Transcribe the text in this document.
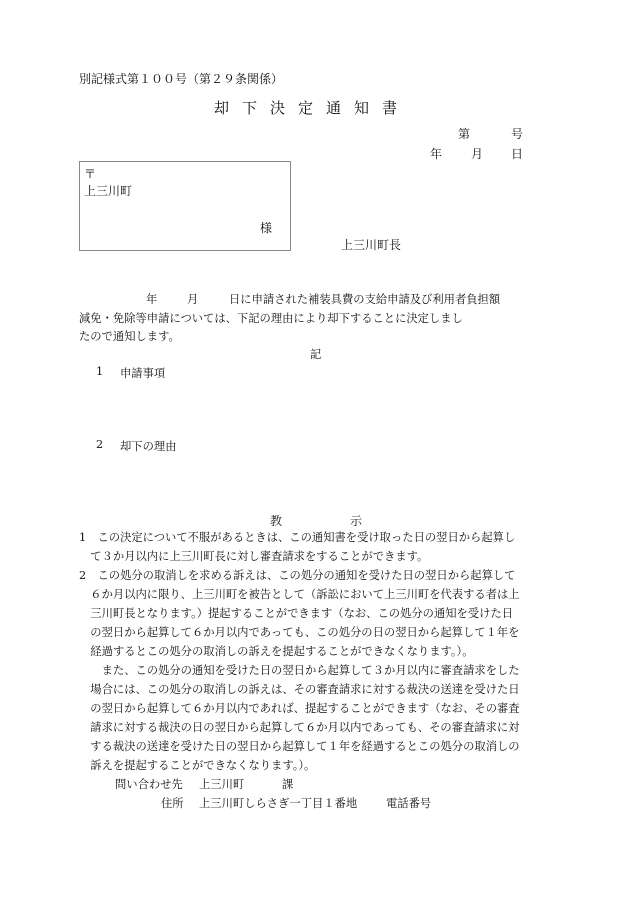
別記様式第１００号（第２９条関係）
却下決定通知書
第	号
年 月 日
〒
上三川町
様
上三川町長
年	月	日に申請された補装具費の支給申請及び利用者負担額
減免・免除等申請については、下記の理由により却下することに決定しまし
たので通知します。
記
1 申請事項
2 却下の理由
教	示
1　この決定について不服があるときは、この通知書を受け取った日の翌日から起算し
　て３か月以内に上三川町長に対し審査請求をすることができます。
2　この処分の取消しを求める訴えは、この処分の通知を受けた日の翌日から起算して
　６か月以内に限り、上三川町を被告として（訴訟において上三川町を代表する者は上
　三川町長となります。）提起することができます（なお、この処分の通知を受けた日
　の翌日から起算して６か月以内であっても、この処分の日の翌日から起算して１年を
　経過するとこの処分の取消しの訴えを提起することができなくなります。）。
　　また、この処分の通知を受けた日の翌日から起算して３か月以内に審査請求をした
　場合には、この処分の取消しの訴えは、その審査請求に対する裁決の送達を受けた日
　の翌日から起算して６か月以内であれば、提起することができます（なお、その審査
　請求に対する裁決の日の翌日から起算して６か月以内であっても、その審査請求に対
　する裁決の送達を受けた日の翌日から起算して１年を経過するとこの処分の取消しの
　訴えを提起することができなくなります。）。
問い合わせ先 上三川町	課
住所 上三川町しらさぎ一丁目１番地	電話番号
